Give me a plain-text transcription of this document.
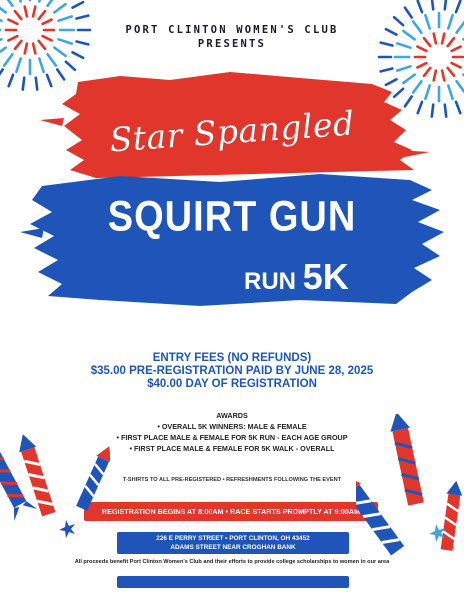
PORT CLINTON WOMEN'S CLUB
PRESENTS
Star Spangled
SQUIRT GUN
RUN 5K
ENTRY FEES (NO REFUNDS)
$35.00 PRE-REGISTRATION PAID BY JUNE 28, 2025
$40.00 DAY OF REGISTRATION
AWARDS
• OVERALL 5K WINNERS: MALE & FEMALE
• FIRST PLACE MALE & FEMALE FOR 5K RUN - EACH AGE GROUP
• FIRST PLACE MALE & FEMALE FOR 5K WALK - OVERALL
T-SHIRTS TO ALL PRE-REGISTERED • REFRESHMENTS FOLLOWING THE EVENT
REGISTRATION BEGINS AT 8:00AM • RACE STARTS PROMPTLY AT 9:00AM
226 E PERRY STREET • PORT CLINTON, OH 43452
ADAMS STREET NEAR CROGHAN BANK
All proceeds benefit Port Clinton Women's Club and their efforts to provide college scholarships to women in our area
